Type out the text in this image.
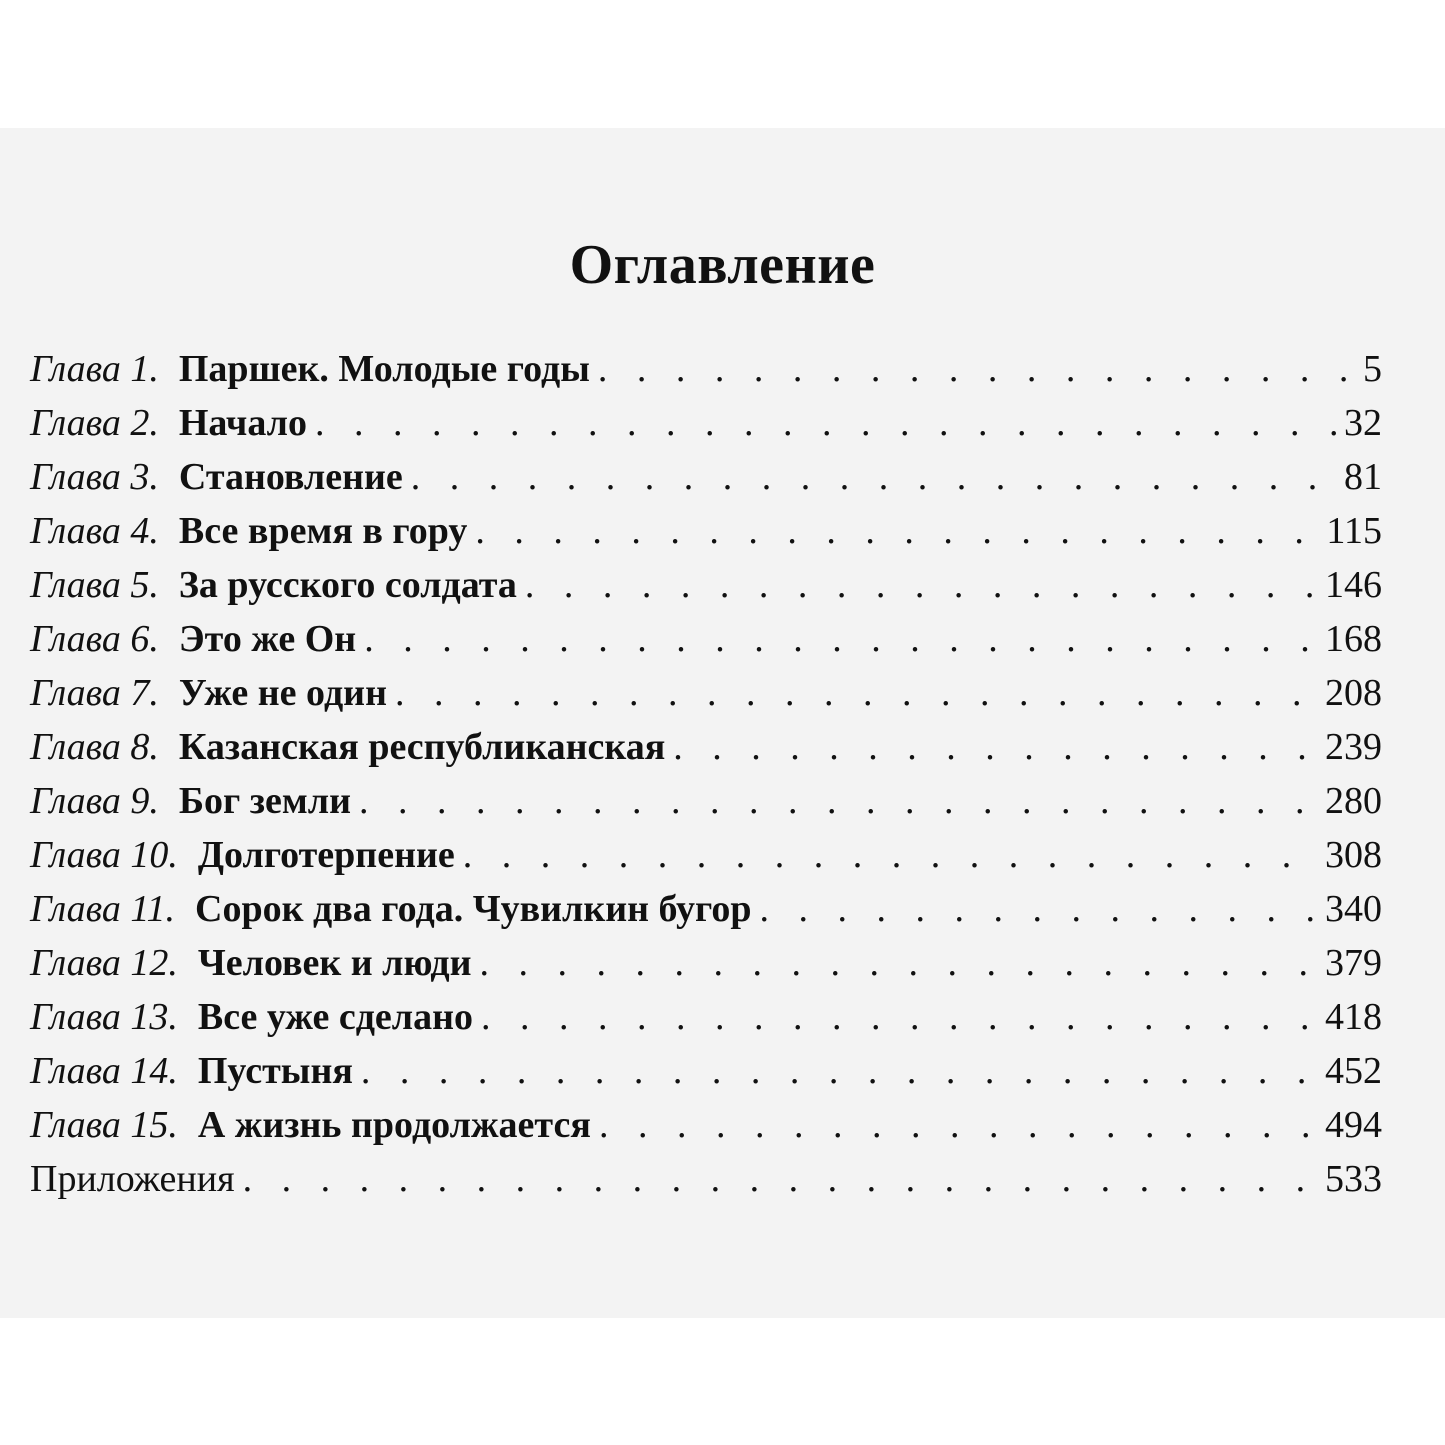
Оглавление
Глава 1. Паршек. Молодые годы . . .	5
Глава 2. Начало . . .	32
Глава 3. Становление . . .	81
Глава 4. Все время в гору . . .	115
Глава 5. За русского солдата . . .	146
Глава 6. Это же Он . . .	168
Глава 7. Уже не один . . .	208
Глава 8. Казанская республиканская . . .	239
Глава 9. Бог земли . . .	280
Глава 10. Долготерпение . . .	308
Глава 11. Сорок два года. Чувилкин бугор . . .	340
Глава 12. Человек и люди . . .	379
Глава 13. Все уже сделано . . .	418
Глава 14. Пустыня . . .	452
Глава 15. А жизнь продолжается . . .	494
Приложения . . .	533
